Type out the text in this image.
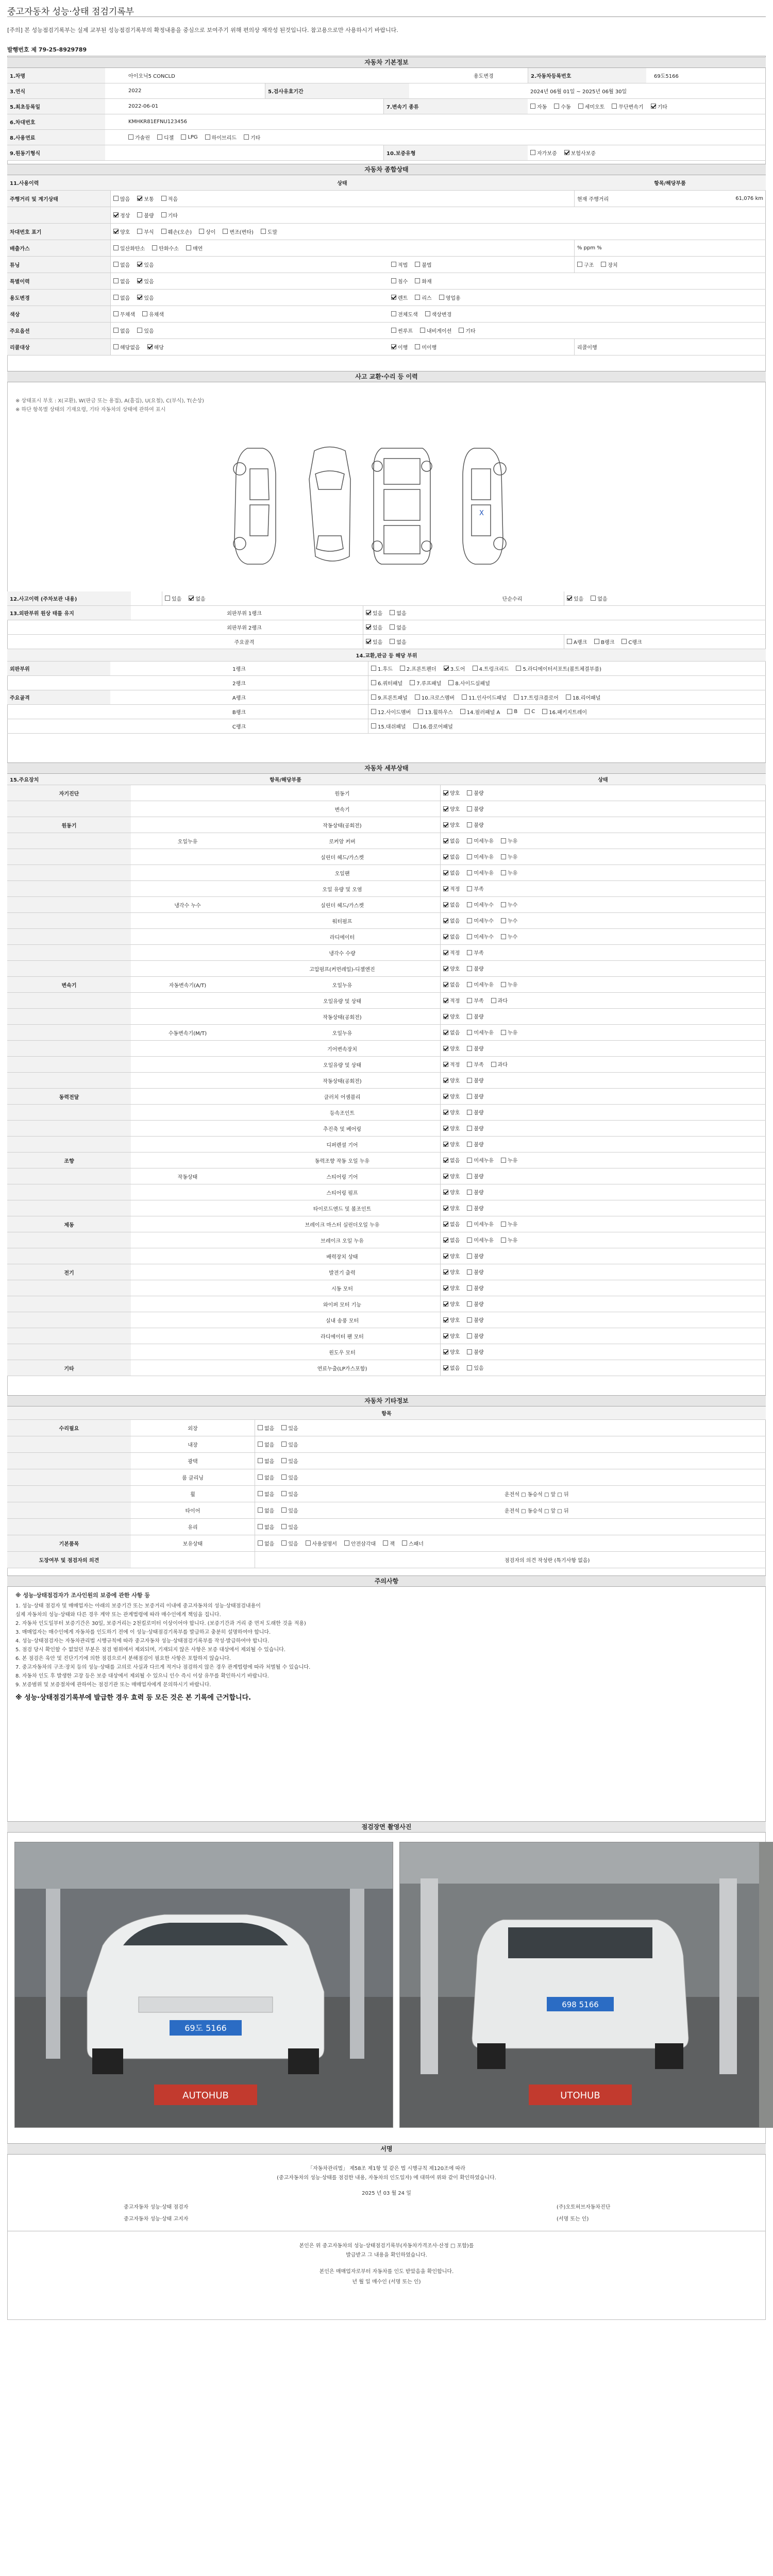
중고자동차 성능·상태 점검기록부
[주의] 본 성능점검기록부는 실제 교부된 성능점검기록부의 확정내용을 중심으로 보여주기 위해 편의상 재작성 된것입니다. 참고용으로만 사용하시기 바랍니다.
발행번호 제 79-25-8929789
자동차 기본정보
1.차명	아이오닉5 CONCLD	용도변경	2.자동차등록번호	69도5166
3.연식	2022	5.검사유효기간	2024년 06월 01일 ~ 2025년 06월 30일
5.최초등록일	2022-06-01	7.변속기 종류	자동	수동	세미오토	무단변속기	기타
6.차대번호	KMHKR81EFNU123456
8.사용연료	가솔린	디젤	LPG	하이브리드	기타
9.원동기형식	10.보증유형	자가보증	보험사보증
자동차 종합상태
11.사용이력	상태	항목/해당부품
주행거리 및 계기상태	많음	보통	적음	현재 주행거리	61,076 km
정상	불량	기타
차대번호 표기	양호	부식	훼손(오손)	상이	변조(변타)	도말
배출가스	일산화탄소	탄화수소	매연	% ppm %
튜닝	없음	있음	적법	불법	구조	장치
특별이력	없음	있음	침수	화재
용도변경	없음	있음	렌트	리스	영업용
색상	무채색	유채색	전체도색	색상변경
주요옵션	없음	있음	썬루프	내비게이션	기타
리콜대상	해당없음	해당	이행	미이행	리콜이행
사고 교환·수리 등 이력
※ 상태표시 부호 : X(교환), W(판금 또는 용접), A(흠집), U(요철), C(부식), T(손상)
※ 하단 항목별 상태의 기재요령, 기타 자동차의 상태에 관하여 표시
X
12.사고이력 (주차보관 내용)	있음	없음	단순수리	있음	없음
13.외판부위 원상 태를 유지	외판부위 1랭크	있음	없음
외판부위 2랭크	있음	없음
주요골격	있음	없음	A랭크	B랭크	C랭크
14.교환,판금 등 해당 부위
외판부위	1랭크	1.후드	2.프론트펜더	3.도어	4.트렁크리드	5.라디에이터서포트(볼트체결부품)
2랭크	6.쿼터패널	7.루프패널	8.사이드실패널
주요골격	A랭크	9.프론트패널	10.크로스멤버	11.인사이드패널	17.트렁크플로어	18.리어패널
B랭크	12.사이드멤버	13.휠하우스	14.필러패널 A	B	C	16.패키지트레이
C랭크	15.대쉬패널	16.플로어패널
자동차 세부상태
15.주요장치	항목/해당부품	상태
자기진단	원동기	양호	불량
변속기	양호	불량
원동기	작동상태(공회전)	양호	불량
오일누유	로커암 커버	없음	미세누유	누유
실린더 헤드/가스켓	없음	미세누유	누유
오일팬	없음	미세누유	누유
오일 유량 및 오염	적정	부족
냉각수 누수	실린더 헤드/가스켓	없음	미세누수	누수
워터펌프	없음	미세누수	누수
라디에이터	없음	미세누수	누수
냉각수 수량	적정	부족
고압펌프(커먼레일)-디젤엔진	양호	불량
변속기	자동변속기(A/T)	오일누유	없음	미세누유	누유
오일유량 및 상태	적정	부족	과다
작동상태(공회전)	양호	불량
수동변속기(M/T)	오일누유	없음	미세누유	누유
기어변속장치	양호	불량
오일유량 및 상태	적정	부족	과다
작동상태(공회전)	양호	불량
동력전달	클러치 어셈블리	양호	불량
등속조인트	양호	불량
추진축 및 베어링	양호	불량
디퍼렌셜 기어	양호	불량
조향	동력조향 작동 오일 누유	없음	미세누유	누유
작동상태	스티어링 기어	양호	불량
스티어링 펌프	양호	불량
타이로드엔드 및 볼조인트	양호	불량
제동	브레이크 마스터 실린더오일 누유	없음	미세누유	누유
브레이크 오일 누유	없음	미세누유	누유
배력장치 상태	양호	불량
전기	발전기 출력	양호	불량
시동 모터	양호	불량
와이퍼 모터 기능	양호	불량
실내 송풍 모터	양호	불량
라디에이터 팬 모터	양호	불량
윈도우 모터	양호	불량
기타	연료누출(LP가스포함)	없음	있음
자동차 기타정보
항목
수리필요	외장	없음	있음
내장	없음	있음
광택	없음	있음
룸 클리닝	없음	있음
휠	없음	있음	운전석 □ 동승석 □ 앞 □ 뒤
타이어	없음	있음	운전석 □ 동승석 □ 앞 □ 뒤
유리	없음	있음
기본품목	보유상태	없음	있음	사용설명서	안전삼각대	잭	스패너
도장여부 및 점검자의 의견	점검자의 의견 작성란 (특기사항 없음)
주의사항
※ 성능·상태점검자가 조사인원의 보증에 관한 사항 등
1. 성능·상태 점검자 및 매매업자는 아래의 보증기간 또는 보증거리 이내에 중고자동차의 성능·상태점검내용이
실제 자동차의 성능·상태와 다른 경우 계약 또는 관계법령에 따라 매수인에게 책임을 집니다.
2. 자동차 인도일부터 보증기간은 30일, 보증거리는 2천킬로미터 이상이어야 합니다. (보증기간과 거리 중 먼저 도래한 것을 적용)
3. 매매업자는 매수인에게 자동차를 인도하기 전에 이 성능·상태점검기록부를 발급하고 충분히 설명하여야 합니다.
4. 성능·상태점검자는 자동차관리법 시행규칙에 따라 중고자동차 성능·상태점검기록부를 작성·발급하여야 합니다.
5. 점검 당시 확인할 수 없었던 부분은 점검 범위에서 제외되며, 기재되지 않은 사항은 보증 대상에서 제외될 수 있습니다.
6. 본 점검은 육안 및 진단기기에 의한 점검으로서 분해점검이 필요한 사항은 포함하지 않습니다.
7. 중고자동차의 구조·장치 등의 성능·상태를 고의로 사실과 다르게 적거나 점검하지 않은 경우 관계법령에 따라 처벌될 수 있습니다.
8. 자동차 인도 후 발생한 고장 등은 보증 대상에서 제외될 수 있으니 인수 즉시 이상 유무를 확인하시기 바랍니다.
9. 보증범위 및 보증절차에 관하여는 점검기관 또는 매매업자에게 문의하시기 바랍니다.
※ 성능·상태점검기록부에 발급한 경우 효력 등 모든 것은 본 기록에 근거합니다.
점검장면 촬영사진
69도 5166
AUTOHUB
698 5166
UTOHUB
서명
「자동차관리법」 제58조 제1항 및 같은 법 시행규칙 제120조에 따라
(중고자동차의 성능·상태를 점검한 내용, 자동차의 인도일자) 에 대하여 위와 같이 확인하였습니다.
2025 년 03 월 24 일
중고자동차 성능·상태 점검자	(주)오토허브자동차진단
중고자동차 성능·상태 고지자	(서명 또는 인)
본인은 위 중고자동차의 성능·상태점검기록부(자동차가격조사·산정 □ 포함)를
발급받고 그 내용을 확인하였습니다.
본인은 매매업자로부터 자동차를 인도 받았음을 확인합니다.
년 월 일 매수인 (서명 또는 인)
